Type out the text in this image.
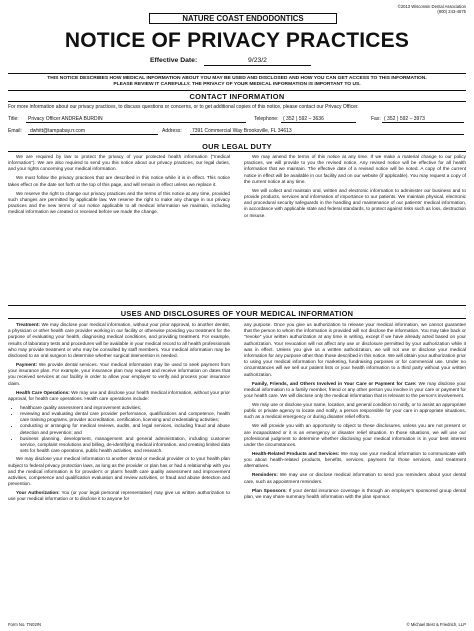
©2013 Wisconsin Dental Association
(800) 243-4675
NATURE COAST ENDODONTICS
NOTICE OF PRIVACY PRACTICES
Effective Date:	9/23/2
THIS NOTICE DESCRIBES HOW MEDICAL INFORMATION ABOUT YOU MAY BE USED AND DISCLOSED AND HOW YOU CAN GET ACCESS TO THIS INFORMATION.
PLEASE REVIEW IT CAREFULLY. THE PRIVACY OF YOUR MEDICAL INFORMATION IS IMPORTANT TO US.
CONTACT INFORMATION
For more information about our privacy practices, to discuss questions or concerns, or to get additional copies of this notice, please contact our Privacy Officer.
Title: Privacy Officer ANDREA BURDIN	Telephone: ( 352 ) 592 – 3636	Fax: ( 352 ) 592 – 3973
Email: dwhitt@tampabay.rr.com	Address: 7391 Commercial Way Brooksville, FL 34613
OUR LEGAL DUTY

We are required by law to protect the privacy of your protected health information ("medical information"). We are also required to send you this notice about our privacy practices, our legal duties, and your rights concerning your medical information.

We must follow the privacy practices that are described in this notice while it is in effect. This notice takes effect on the date set forth at the top of this page, and will remain in effect unless we replace it.

We reserve the right to change our privacy practices and the terms of this notice at any time, provided such changes are permitted by applicable law. We reserve the right to make any change in our privacy practices and the new terms of our notice applicable to all medical information we maintain, including medical information we created or received before we made the change.

We may amend the terms of this notice at any time. If we make a material change to our policy practices, we will provide to you the revised notice. Any revised notice will be effective for all health information that we maintain. The effective date of a revised notice will be noted. A copy of the current notice in effect will be available in our facility and on our website (if applicable). You may request a copy of the current notice at any time.

We will collect and maintain oral, written and electronic information to administer our business and to provide products, services and information of importance to our patients. We maintain physical, electronic and procedural security safeguards in the handling and maintenance of our patients' medical information, in accordance with applicable state and federal standards, to protect against risks such as loss, destruction or misuse.

USES AND DISCLOSURES OF YOUR MEDICAL INFORMATION

Treatment: We may disclose your medical information, without your prior approval, to another dentist, a physician or other health care provider working in our facility or otherwise providing you treatment for the purpose of evaluating your health, diagnosing medical conditions, and providing treatment. For example, results of laboratory tests and procedures will be available in your medical record to all health professionals who may provide treatment or who may be consulted by staff members. Your medical information may be disclosed to an oral surgeon to determine whether surgical intervention is needed.

Payment: We provide dental services. Your medical information may be used to seek payment from your insurance plan. For example, your insurance plan may request and receive information on dates that you received services at our facility in order to allow your employer to verify and process your insurance claim.

Health Care Operations: We may use and disclose your health medical information, without your prior approval, for health care operations. Health care operations include:

• healthcare quality assessment and improvement activities;
• reviewing and evaluating dental care provider performance, qualifications and competence, health care training programs, provider accreditation, certification, licensing and credentialing activities;
• conducting or arranging for medical reviews, audits, and legal services, including fraud and abuse detection and prevention; and
• business planning, development, management and general administration, including customer service, complaint resolutions and billing, de-identifying medical information, and creating limited data sets for health care operations, public health activities, and research.

We may disclose your medical information to another dental or medical provider or to your health plan subject to federal privacy protection laws, as long as the provider or plan has or had a relationship with you and the medical information is for provider's or plan's health care quality assessment and improvement activities, competence and qualification evaluation and review activities, or fraud and abuse detection and prevention.

Your Authorization: You (or your legal personal representative) may give us written authorization to use your medical information or to disclose it to anyone for

any purpose. Once you give us authorization to release your medical information, we cannot guarantee that the person to whom the information is provided will not disclose the information. You may take back or "revoke" your written authorization at any time in writing, except if we have already acted based on your authorization. Your revocation will not affect any use or disclosure permitted by your authorization while it was in effect. Unless you give us a written authorization, we will not use or disclose your medical information for any purpose other than those described in this notice. We will obtain your authorization prior to using your medical information for marketing, fundraising purposes or for commercial use. Under no circumstances will we sell our patient lists or your health information to a third party without your written authorization.

Family, Friends, and Others Involved in Your Care or Payment for Care: We may disclose your medical information to a family member, friend or any other person you involve in your care or payment for your health care. We will disclose only the medical information that is relevant to the person's involvement.

We may use or disclose your name, location, and general condition to notify, or to assist an appropriate public or private agency to locate and notify, a person responsible for your care in appropriate situations, such as a medical emergency or during disaster relief efforts.

We will provide you with an opportunity to object to these disclosures, unless you are not present or are incapacitated or it is an emergency or disaster relief situation. In those situations, we will use our professional judgment to determine whether disclosing your medical information is in your best interest under the circumstances.

Health-Related Products and Services: We may use your medical information to communicate with you about health-related products, benefits, services, payment for those services, and treatment alternatives.

Reminders: We may use or disclose medical information to send you reminders about your dental care, such as appointment reminders.

Plan Sponsors: If your dental insurance coverage is through an employer's sponsored group dental plan, we may share summary health information with the plan sponsor.

Form No. TN02IN	© Michael Best & Friedrich, LLP
